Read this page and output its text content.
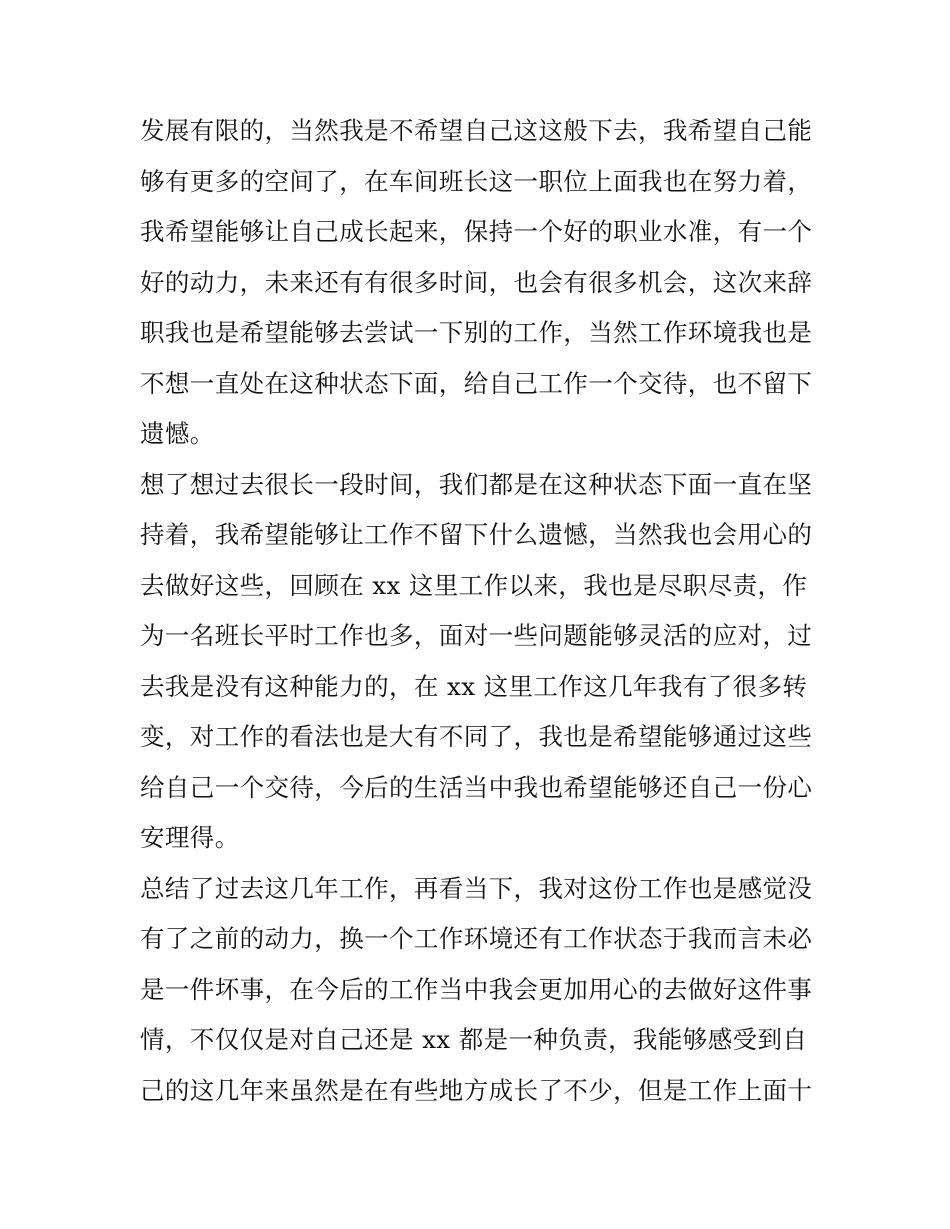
发展有限的，当然我是不希望自己这这般下去，我希望自己能
够有更多的空间了，在车间班长这一职位上面我也在努力着，
我希望能够让自己成长起来，保持一个好的职业水准，有一个
好的动力，未来还有有很多时间，也会有很多机会，这次来辞
职我也是希望能够去尝试一下别的工作，当然工作环境我也是
不想一直处在这种状态下面，给自己工作一个交待，也不留下
遗憾。
想了想过去很长一段时间，我们都是在这种状态下面一直在坚
持着，我希望能够让工作不留下什么遗憾，当然我也会用心的
去做好这些，回顾在 xx 这里工作以来，我也是尽职尽责，作
为一名班长平时工作也多，面对一些问题能够灵活的应对，过
去我是没有这种能力的，在 xx 这里工作这几年我有了很多转
变，对工作的看法也是大有不同了，我也是希望能够通过这些
给自己一个交待，今后的生活当中我也希望能够还自己一份心
安理得。
总结了过去这几年工作，再看当下，我对这份工作也是感觉没
有了之前的动力，换一个工作环境还有工作状态于我而言未必
是一件坏事，在今后的工作当中我会更加用心的去做好这件事
情，不仅仅是对自己还是 xx 都是一种负责，我能够感受到自
己的这几年来虽然是在有些地方成长了不少，但是工作上面十
